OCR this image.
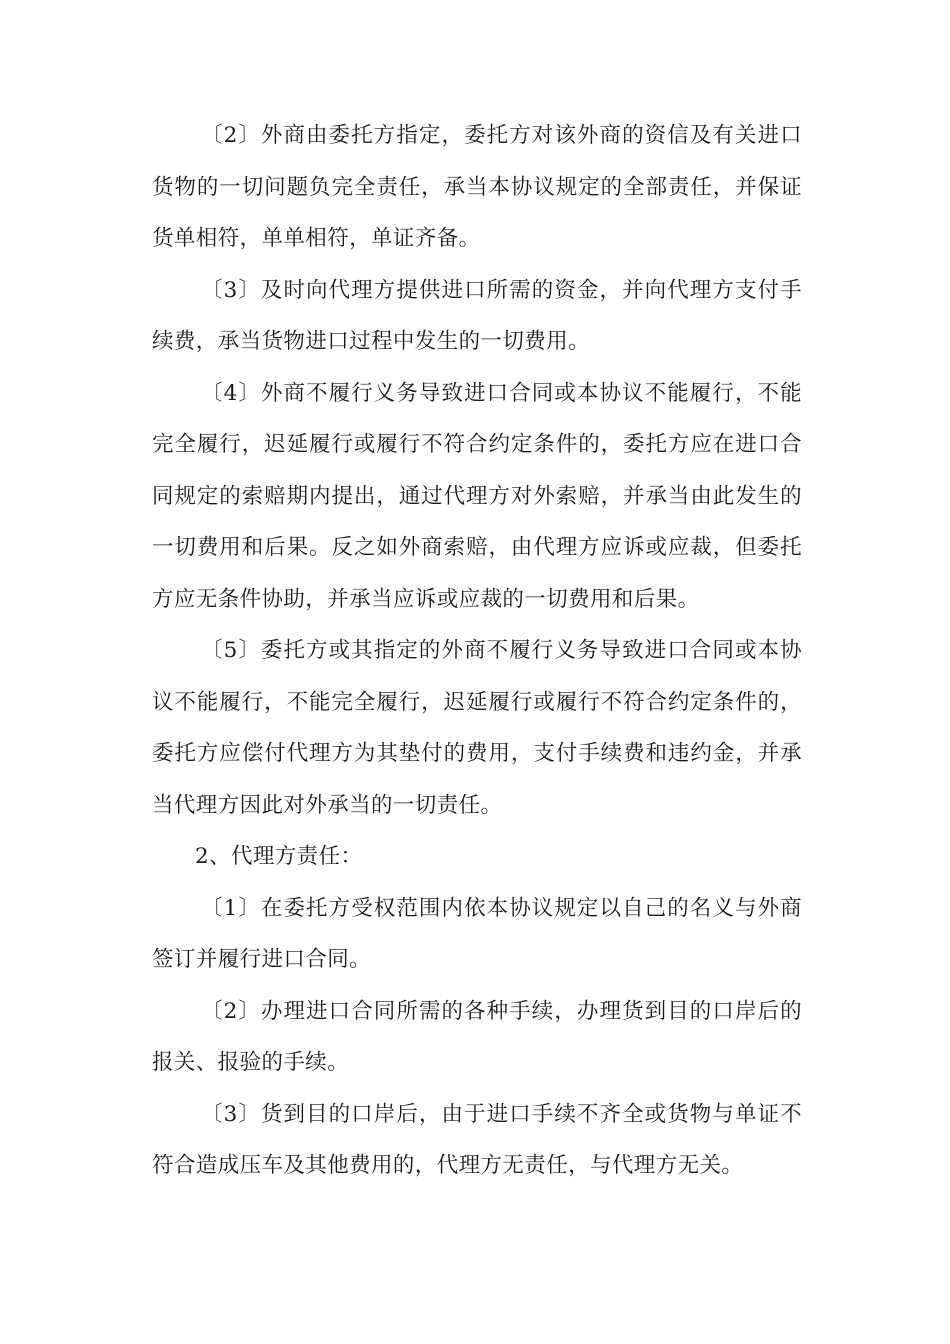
〔2〕外商由委托方指定，委托方对该外商的资信及有关进口货物的一切问题负完全责任，承当本协议规定的全部责任，并保证货单相符，单单相符，单证齐备。

〔3〕及时向代理方提供进口所需的资金，并向代理方支付手续费，承当货物进口过程中发生的一切费用。

〔4〕外商不履行义务导致进口合同或本协议不能履行，不能完全履行，迟延履行或履行不符合约定条件的，委托方应在进口合同规定的索赔期内提出，通过代理方对外索赔，并承当由此发生的一切费用和后果。反之如外商索赔，由代理方应诉或应裁，但委托方应无条件协助，并承当应诉或应裁的一切费用和后果。

〔5〕委托方或其指定的外商不履行义务导致进口合同或本协议不能履行，不能完全履行，迟延履行或履行不符合约定条件的，委托方应偿付代理方为其垫付的费用，支付手续费和违约金，并承当代理方因此对外承当的一切责任。

2、代理方责任：

〔1〕在委托方受权范围内依本协议规定以自己的名义与外商签订并履行进口合同。

〔2〕办理进口合同所需的各种手续，办理货到目的口岸后的报关、报验的手续。

〔3〕货到目的口岸后，由于进口手续不齐全或货物与单证不符合造成压车及其他费用的，代理方无责任，与代理方无关。
